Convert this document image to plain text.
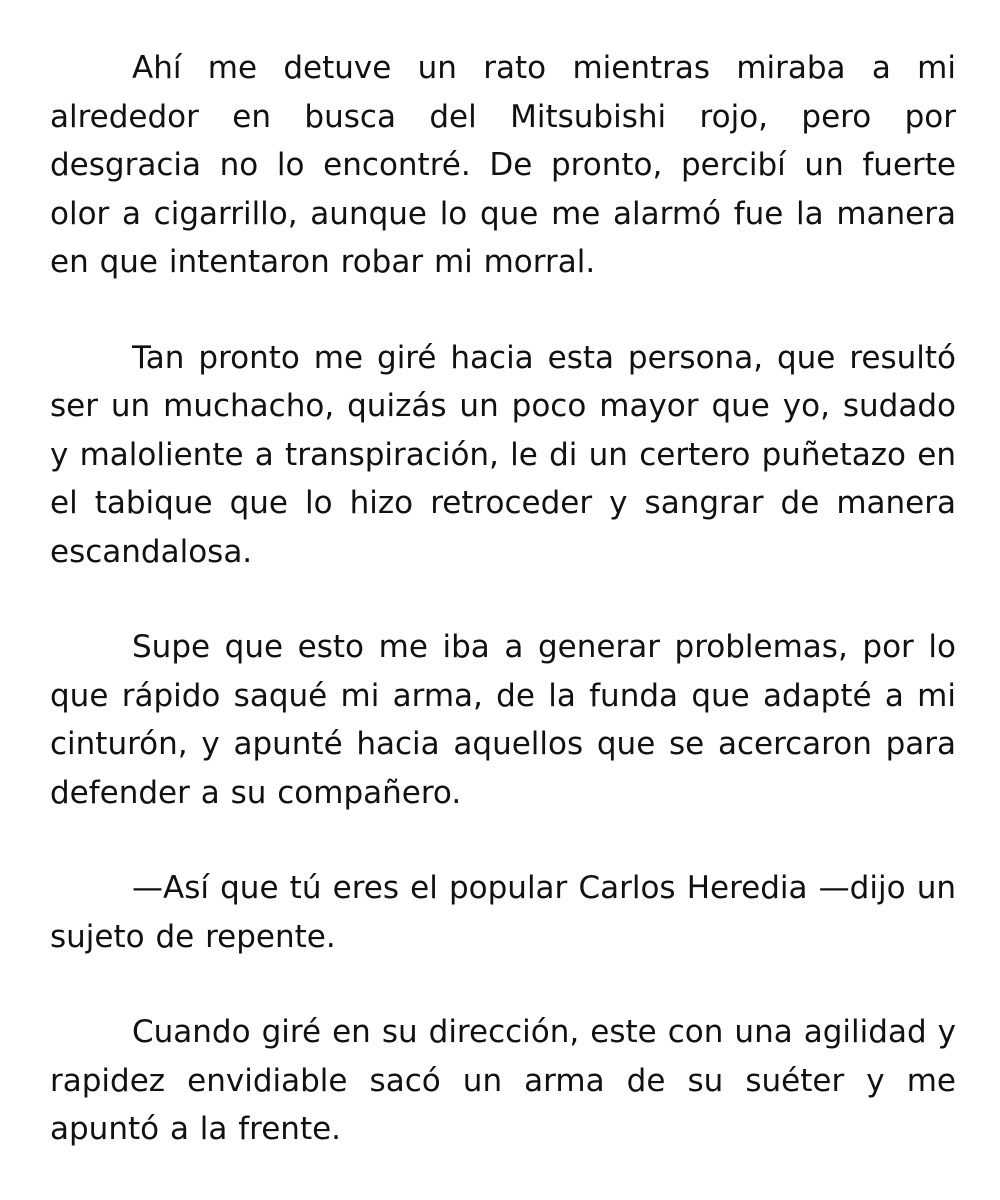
Ahí me detuve un rato mientras miraba a mi alrededor en busca del Mitsubishi rojo, pero por desgracia no lo encontré. De pronto, percibí un fuerte olor a cigarrillo, aunque lo que me alarmó fue la manera en que intentaron robar mi morral.

Tan pronto me giré hacia esta persona, que resultó ser un muchacho, quizás un poco mayor que yo, sudado y maloliente a transpiración, le di un certero puñetazo en el tabique que lo hizo retroceder y sangrar de manera escandalosa.

Supe que esto me iba a generar problemas, por lo que rápido saqué mi arma, de la funda que adapté a mi cinturón, y apunté hacia aquellos que se acercaron para defender a su compañero.

—Así que tú eres el popular Carlos Heredia —dijo un sujeto de repente.

Cuando giré en su dirección, este con una agilidad y rapidez envidiable sacó un arma de su suéter y me apuntó a la frente.
